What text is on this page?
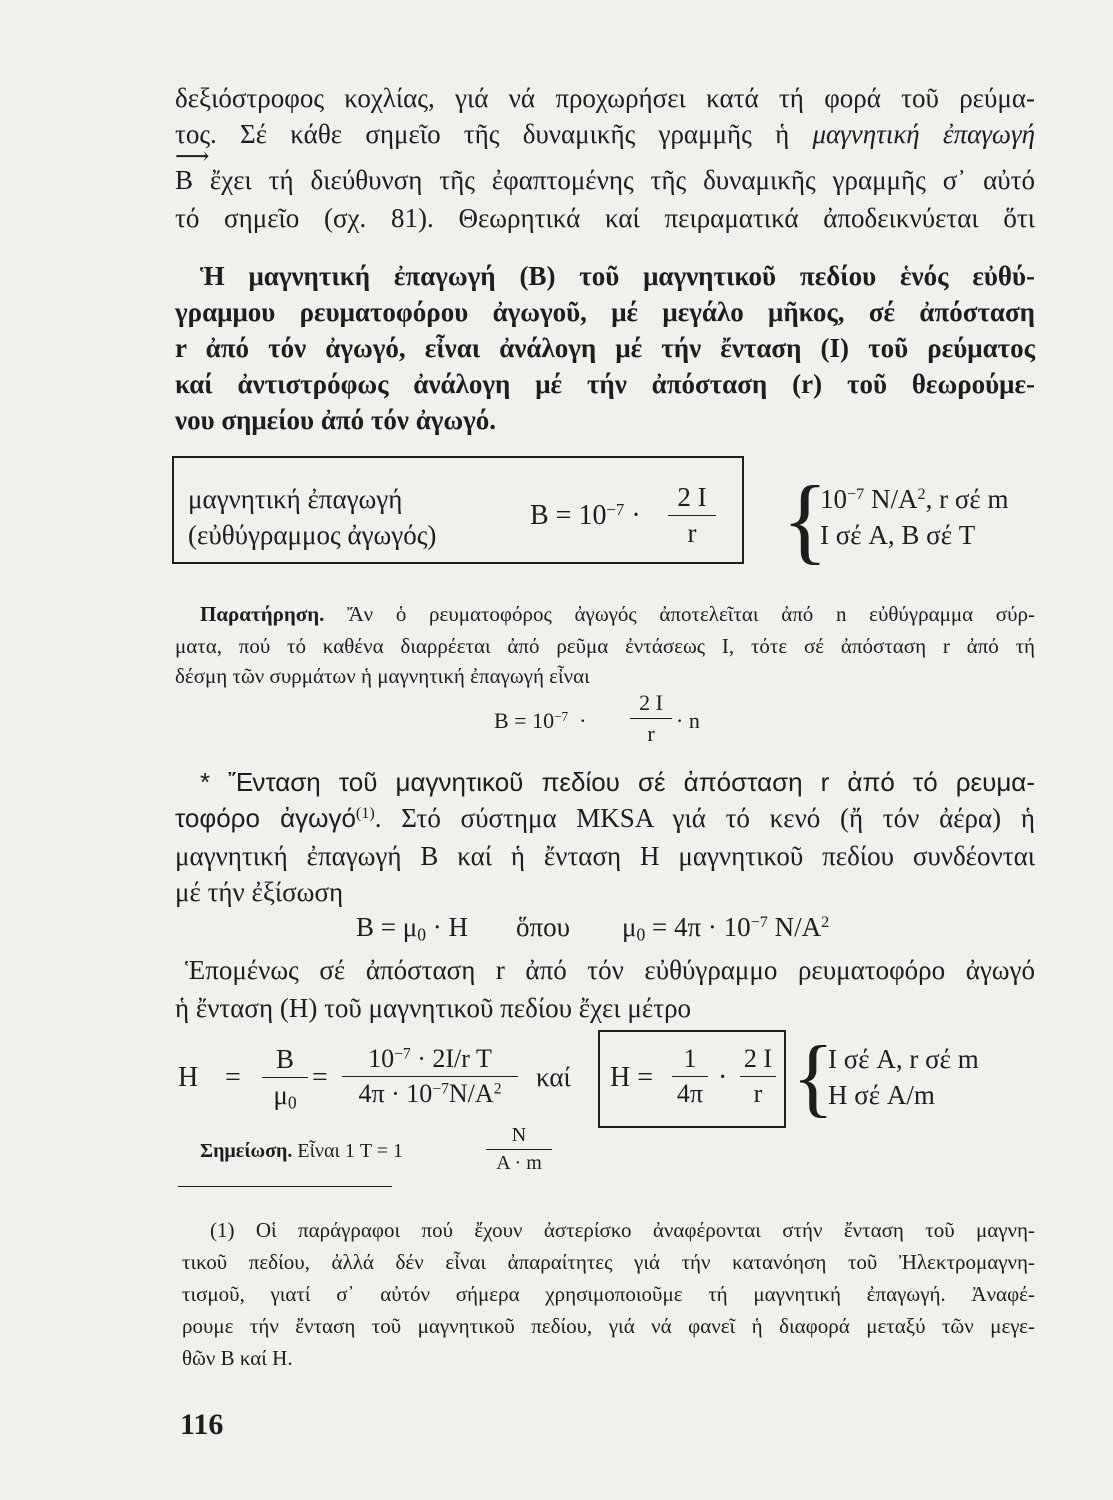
δεξιόστροφος κοχλίας, γιά νά προχωρήσει κατά τή φορά τοῦ ρεύμα-
τος. Σέ κάθε σημεῖο τῆς δυναμικῆς γραμμῆς ἡ μαγνητική ἐπαγωγή
⟶
B ἔχει τή διεύθυνση τῆς ἐφαπτομένης τῆς δυναμικῆς γραμμῆς σ᾽ αὐτό
τό σημεῖο (σχ. 81). Θεωρητικά καί πειραματικά ἀποδεικνύεται ὅτι
Ἡ μαγνητική ἐπαγωγή (B) τοῦ μαγνητικοῦ πεδίου ἑνός εὐθύ-
γραμμου ρευματοφόρου ἀγωγοῦ, μέ μεγάλο μῆκος, σέ ἀπόσταση
r ἀπό τόν ἀγωγό, εἶναι ἀνάλογη μέ τήν ἔνταση (I) τοῦ ρεύματος
καί ἀντιστρόφως ἀνάλογη μέ τήν ἀπόσταση (r) τοῦ θεωρούμε-
νου σημείου ἀπό τόν ἀγωγό.
μαγνητική ἐπαγωγή
(εὐθύγραμμος ἀγωγός)
$B = 10^{-7}$ ·
2 I
r {
$10^{-7}$ $N/A^2$, r σέ m
I σέ A, B σέ T
Παρατήρηση. Ἄν ὁ ρευματοφόρος ἀγωγός ἀποτελεῖται ἀπό n εὐθύγραμμα σύρ-
ματα, πού τό καθένα διαρρέεται ἀπό ρεῦμα ἐντάσεως I, τότε σέ ἀπόσταση r ἀπό τή
δέσμη τῶν συρμάτων ἡ μαγνητική ἐπαγωγή εἶναι
$B = 10^{-7}$ ·
2 I
r
· n
* Ἔνταση τοῦ μαγνητικοῦ πεδίου σέ ἀπόσταση r ἀπό τό ρευμα-
τοφόρο ἀγωγό$^{(1)}$. Στό σύστημα MKSA γιά τό κενό (ἤ τόν ἀέρα) ἡ
μαγνητική ἐπαγωγή B καί ἡ ἔνταση H μαγνητικοῦ πεδίου συνδέονται
μέ τήν ἐξίσωση
$B = \mu_0 \cdot H$ ὅπου $\mu_0 = 4\pi \cdot 10^{-7}$ $N/A^2$
Ἑπομένως σέ ἀπόσταση r ἀπό τόν εὐθύγραμμο ρευματοφόρο ἀγωγό
ἡ ἔνταση (H) τοῦ μαγνητικοῦ πεδίου ἔχει μέτρο
H =
B
$\mu_0$
=
$10^{-7} \cdot 2I/r$ T
$4\pi \cdot 10^{-7}N/A^2$ καί H =
1
4π
·
2 I
r {
I σέ A, r σέ m
H σέ A/m
Σημείωση. Εἶναι 1 T = 1
N
A · m
(1) Οἱ παράγραφοι πού ἔχουν ἀστερίσκο ἀναφέρονται στήν ἔνταση τοῦ μαγνη-
τικοῦ πεδίου, ἀλλά δέν εἶναι ἀπαραίτητες γιά τήν κατανόηση τοῦ Ἠλεκτρομαγνη-
τισμοῦ, γιατί σ᾽ αὐτόν σήμερα χρησιμοποιοῦμε τή μαγνητική ἐπαγωγή. Ἀναφέ-
ρουμε τήν ἔνταση τοῦ μαγνητικοῦ πεδίου, γιά νά φανεῖ ἡ διαφορά μεταξύ τῶν μεγε-
θῶν B καί H.
116
